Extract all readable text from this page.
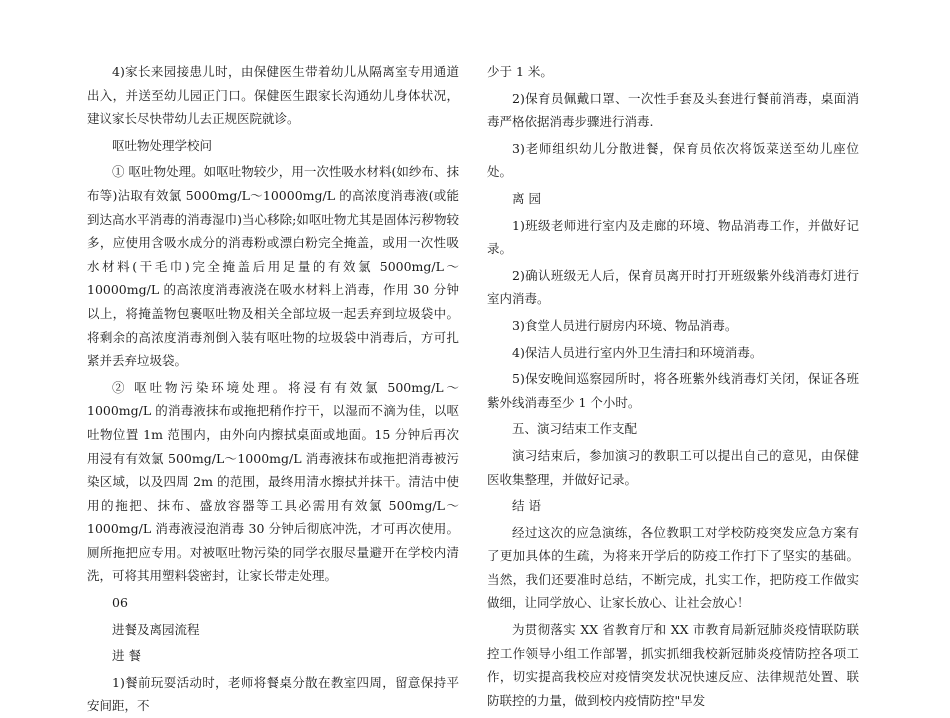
4)家长来园接患儿时，由保健医生带着幼儿从隔离室专用通道出入，并送至幼儿园正门口。保健医生跟家长沟通幼儿身体状况，建议家长尽快带幼儿去正规医院就诊。

呕吐物处理学校问

① 呕吐物处理。如呕吐物较少，用一次性吸水材料(如纱布、抹布等)沾取有效氯 5000mg/L～10000mg/L 的高浓度消毒液(或能到达高水平消毒的消毒湿巾)当心移除;如呕吐物尤其是固体污秽物较多，应使用含吸水成分的消毒粉或漂白粉完全掩盖，或用一次性吸水材料(干毛巾)完全掩盖后用足量的有效氯 5000mg/L～10000mg/L 的高浓度消毒液浇在吸水材料上消毒，作用 30 分钟以上，将掩盖物包裹呕吐物及相关全部垃圾一起丢弃到垃圾袋中。将剩余的高浓度消毒剂倒入装有呕吐物的垃圾袋中消毒后，方可扎紧并丢弃垃圾袋。

② 呕吐物污染环境处理。将浸有有效氯 500mg/L～1000mg/L 的消毒液抹布或拖把稍作拧干，以湿而不滴为佳，以呕吐物位置 1m 范围内，由外向内擦拭桌面或地面。15 分钟后再次用浸有有效氯 500mg/L～1000mg/L 消毒液抹布或拖把消毒被污染区域，以及四周 2m 的范围，最终用清水擦拭并抹干。清洁中使用的拖把、抹布、盛放容器等工具必需用有效氯 500mg/L～1000mg/L 消毒液浸泡消毒 30 分钟后彻底冲洗，才可再次使用。厕所拖把应专用。对被呕吐物污染的同学衣服尽量避开在学校内清洗，可将其用塑料袋密封，让家长带走处理。

06

进餐及离园流程

进 餐

1)餐前玩耍活动时，老师将餐桌分散在教室四周，留意保持平安间距，不

少于 1 米。

2)保育员佩戴口罩、一次性手套及头套进行餐前消毒，桌面消毒严格依据消毒步骤进行消毒.

3)老师组织幼儿分散进餐，保育员依次将饭菜送至幼儿座位处。

离 园

1)班级老师进行室内及走廊的环境、物品消毒工作，并做好记录。

2)确认班级无人后，保育员离开时打开班级紫外线消毒灯进行室内消毒。

3)食堂人员进行厨房内环境、物品消毒。

4)保洁人员进行室内外卫生清扫和环境消毒。

5)保安晚间巡察园所时，将各班紫外线消毒灯关闭，保证各班紫外线消毒至少 1 个小时。

五、演习结束工作支配

演习结束后，参加演习的教职工可以提出自己的意见，由保健医收集整理，并做好记录。

结 语

经过这次的应急演练，各位教职工对学校防疫突发应急方案有了更加具体的生疏，为将来开学后的防疫工作打下了坚实的基础。当然，我们还要准时总结，不断完成，扎实工作，把防疫工作做实做细，让同学放心、让家长放心、让社会放心！

为贯彻落实 XX 省教育厅和 XX 市教育局新冠肺炎疫情联防联控工作领导小组工作部署，抓实抓细我校新冠肺炎疫情防控各项工作，切实提高我校应对疫情突发状况快速反应、法律规范处置、联防联控的力量，做到校内疫情防控"早发
